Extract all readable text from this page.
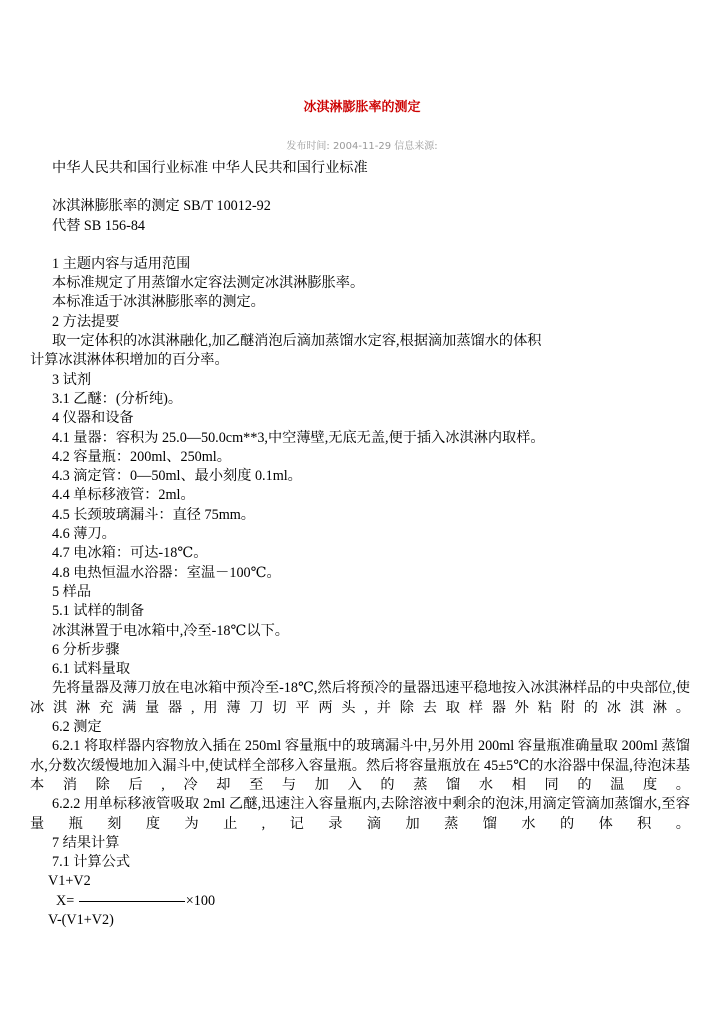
冰淇淋膨胀率的测定
发布时间: 2004-11-29 信息来源:
中华人民共和国行业标准 中华人民共和国行业标准
冰淇淋膨胀率的测定 SB/T 10012-92
代替 SB 156-84
1 主题内容与适用范围
本标准规定了用蒸馏水定容法测定冰淇淋膨胀率。
本标准适于冰淇淋膨胀率的测定。
2 方法提要
取一定体积的冰淇淋融化,加乙醚消泡后滴加蒸馏水定容,根据滴加蒸馏水的体积
计算冰淇淋体积增加的百分率。
3 试剂
3.1 乙醚：(分析纯)。
4 仪器和设备
4.1 量器：容积为 25.0—50.0cm**3,中空薄壁,无底无盖,便于插入冰淇淋内取样。
4.2 容量瓶：200ml、250ml。
4.3 滴定管：0—50ml、最小刻度 0.1ml。
4.4 单标移液管：2ml。
4.5 长颈玻璃漏斗：直径 75mm。
4.6 薄刀。
4.7 电冰箱：可达-18℃。
4.8 电热恒温水浴器：室温－100℃。
5 样品
5.1 试样的制备
冰淇淋置于电冰箱中,冷至-18℃以下。
6 分析步骤
6.1 试料量取
先将量器及薄刀放在电冰箱中预冷至-18℃,然后将预冷的量器迅速平稳地按入冰淇淋样品的中央部位,使冰淇淋充满量器,用薄刀切平两头,并除去取样器外粘附的冰淇淋。
6.2 测定
6.2.1 将取样器内容物放入插在 250ml 容量瓶中的玻璃漏斗中,另外用 200ml 容量瓶准确量取 200ml 蒸馏水,分数次缓慢地加入漏斗中,使试样全部移入容量瓶。然后将容量瓶放在 45±5℃的水浴器中保温,待泡沫基本消除后,冷却至与加入的蒸馏水相同的温度。
6.2.2 用单标移液管吸取 2ml 乙醚,迅速注入容量瓶内,去除溶液中剩余的泡沫,用滴定管滴加蒸馏水,至容量瓶刻度为止,记录滴加蒸馏水的体积。
7 结果计算
7.1 计算公式
V1+V2
X=	×100
V-(V1+V2)
